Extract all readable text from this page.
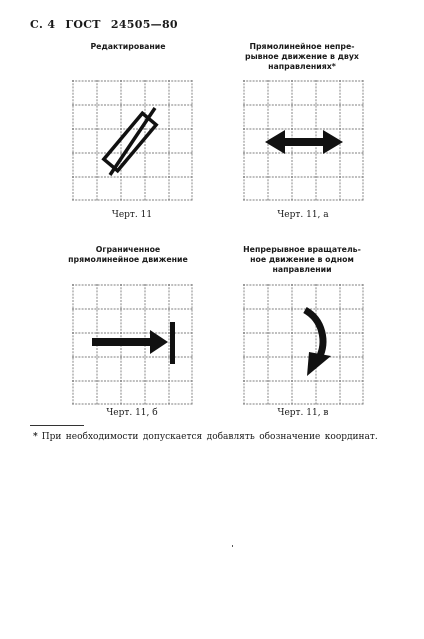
С. 4 ГОСТ 24505—80
Редактирование
Черт. 11
Прямолинейное непре-
рывное движение в двух
направлениях*
Черт. 11, а
Ограниченное
прямолинейное движение
Черт. 11, б
Непрерывное вращатель-
ное движение в одном
направлении
Черт. 11, в
* При необходимости допускается добавлять обозначение координат.
